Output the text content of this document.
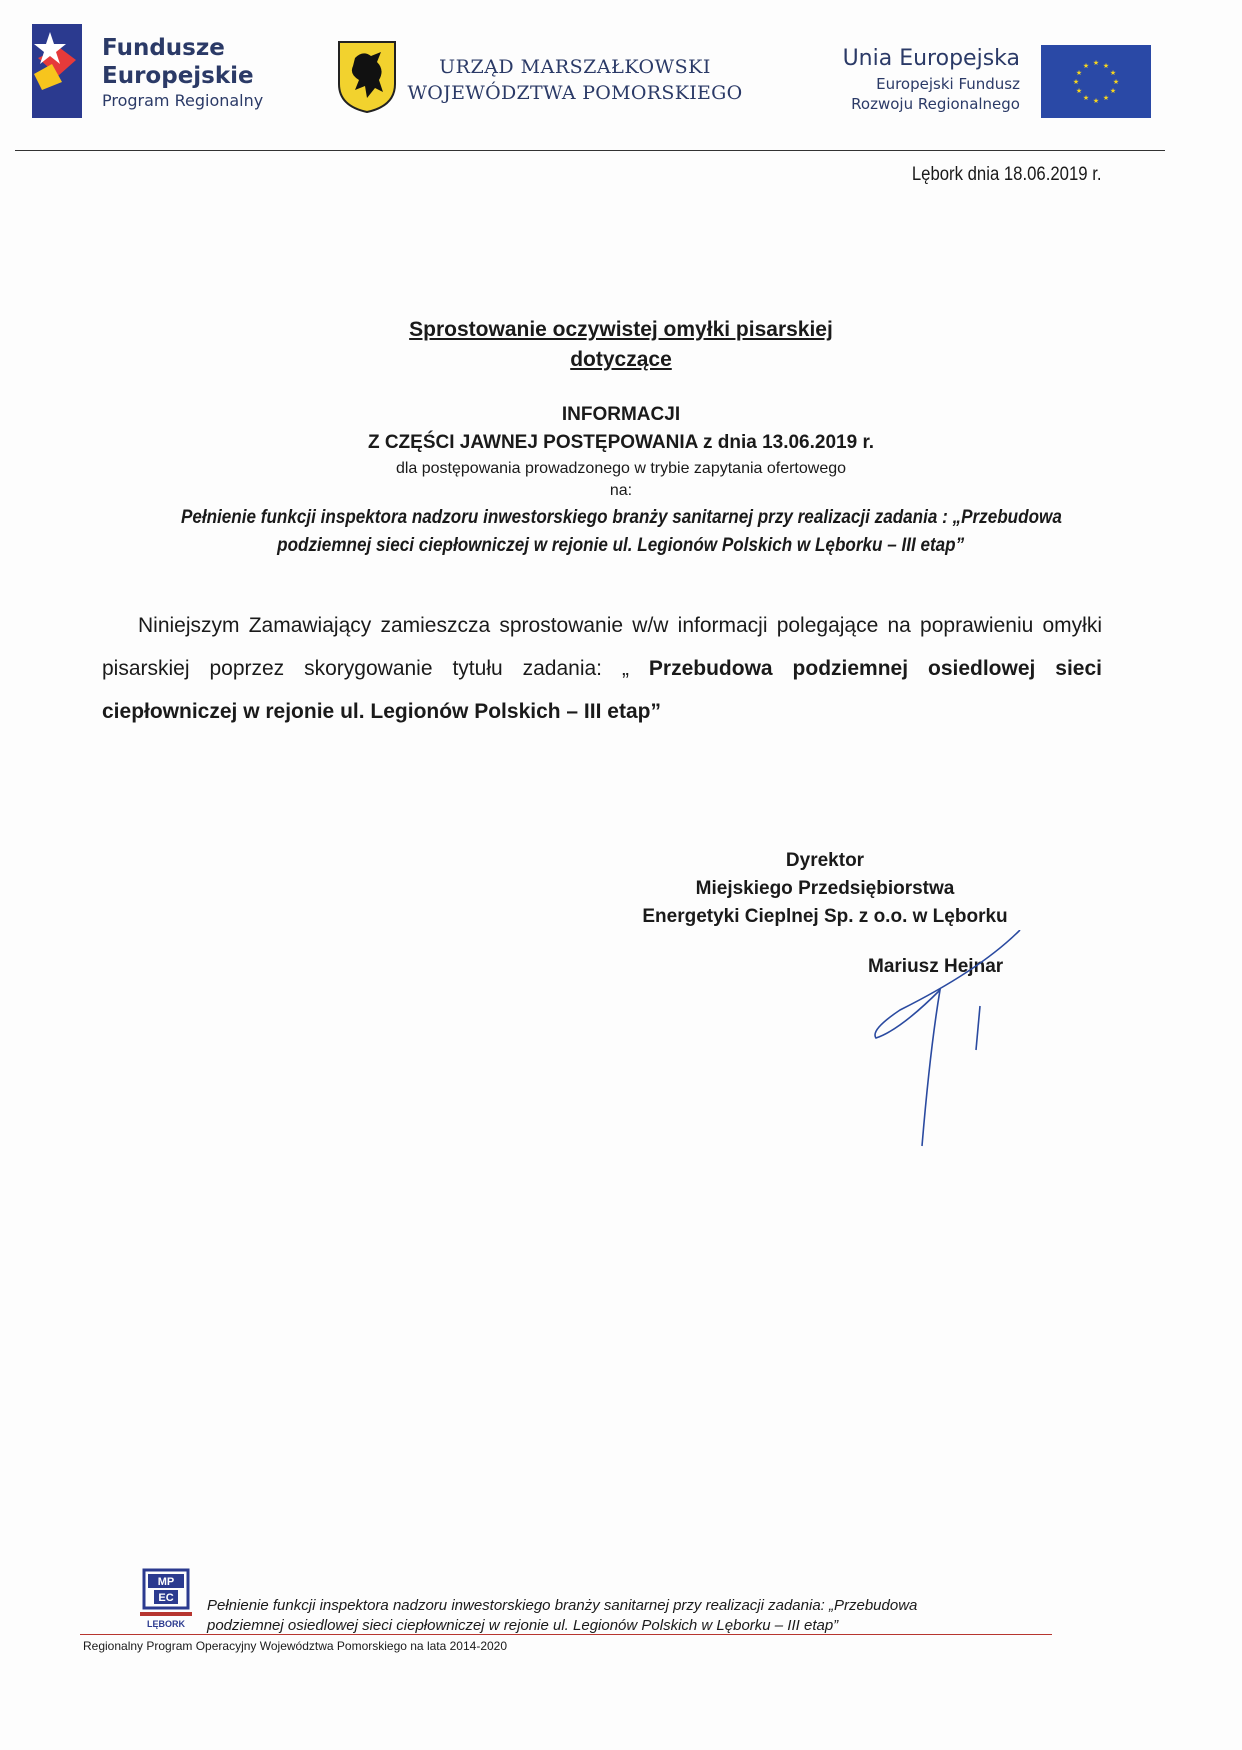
Fundusze
Europejskie
Program Regionalny
URZĄD MARSZAŁKOWSKI
WOJEWÓDZTWA POMORSKIEGO
Unia Europejska
Europejski Fundusz
Rozwoju Regionalnego
★ ★
★
★
★
★
★
★
★
★
★
★
Lębork dnia 18.06.2019 r.
Sprostowanie oczywistej omyłki pisarskiej
dotyczące
INFORMACJI
Z CZĘŚCI JAWNEJ POSTĘPOWANIA z dnia 13.06.2019 r.
dla postępowania prowadzonego w trybie zapytania ofertowego
na:
Pełnienie funkcji inspektora nadzoru inwestorskiego branży sanitarnej przy realizacji zadania : „Przebudowa
podziemnej sieci ciepłowniczej w rejonie ul. Legionów Polskich w Lęborku – III etap”
Niniejszym Zamawiający zamieszcza sprostowanie w/w informacji polegające na poprawieniu omyłki pisarskiej poprzez skorygowanie tytułu zadania: „ Przebudowa podziemnej osiedlowej sieci ciepłowniczej w rejonie ul. Legionów Polskich – III etap”
Dyrektor
Miejskiego Przedsiębiorstwa
Energetyki Cieplnej Sp. z o.o. w Lęborku
Mariusz Hejnar
MP
EC
LĘBORK
Pełnienie funkcji inspektora nadzoru inwestorskiego branży sanitarnej przy realizacji zadania: „Przebudowa
podziemnej osiedlowej sieci ciepłowniczej w rejonie ul. Legionów Polskich w Lęborku – III etap”
Regionalny Program Operacyjny Województwa Pomorskiego na lata 2014-2020
